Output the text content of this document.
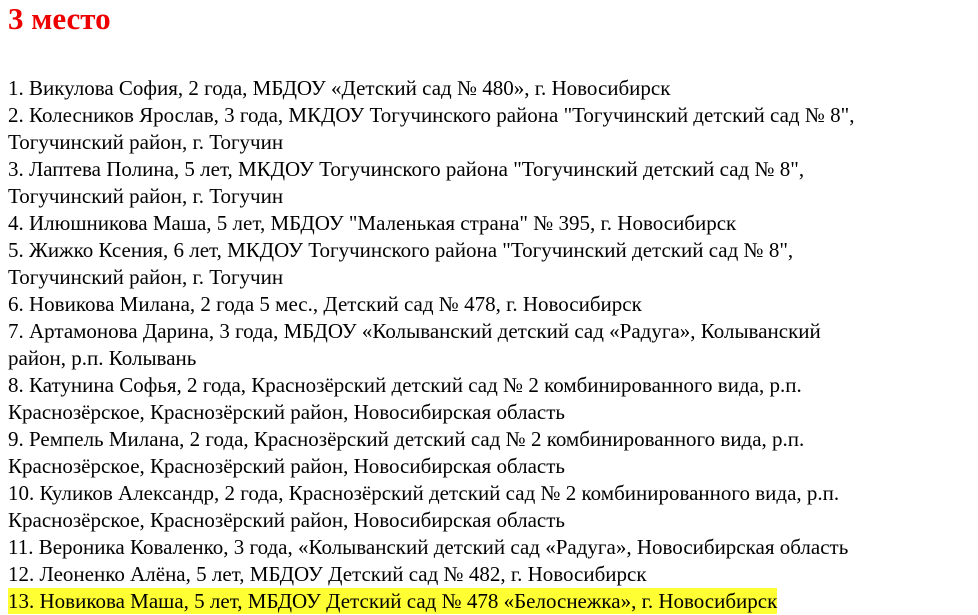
3 место
1. Викулова София, 2 года, МБДОУ «Детский сад № 480», г. Новосибирск
2. Колесников Ярослав, 3 года, МКДОУ Тогучинского района "Тогучинский детский сад № 8",
Тогучинский район, г. Тогучин
3. Лаптева Полина, 5 лет, МКДОУ Тогучинского района "Тогучинский детский сад № 8",
Тогучинский район, г. Тогучин
4. Илюшникова Маша, 5 лет, МБДОУ "Маленькая страна" № 395, г. Новосибирск
5. Жижко Ксения, 6 лет, МКДОУ Тогучинского района "Тогучинский детский сад № 8",
Тогучинский район, г. Тогучин
6. Новикова Милана, 2 года 5 мес., Детский сад № 478, г. Новосибирск
7. Артамонова Дарина, 3 года, МБДОУ «Колыванский детский сад «Радуга», Колыванский
район, р.п. Колывань
8. Катунина Софья, 2 года, Краснозёрский детский сад № 2 комбинированного вида, р.п.
Краснозёрское, Краснозёрский район, Новосибирская область
9. Ремпель Милана, 2 года, Краснозёрский детский сад № 2 комбинированного вида, р.п.
Краснозёрское, Краснозёрский район, Новосибирская область
10. Куликов Александр, 2 года, Краснозёрский детский сад № 2 комбинированного вида, р.п.
Краснозёрское, Краснозёрский район, Новосибирская область
11. Вероника Коваленко, 3 года, «Колыванский детский сад «Радуга», Новосибирская область
12. Леоненко Алёна, 5 лет, МБДОУ Детский сад № 482, г. Новосибирск
13. Новикова Маша, 5 лет, МБДОУ Детский сад № 478 «Белоснежка», г. Новосибирск
